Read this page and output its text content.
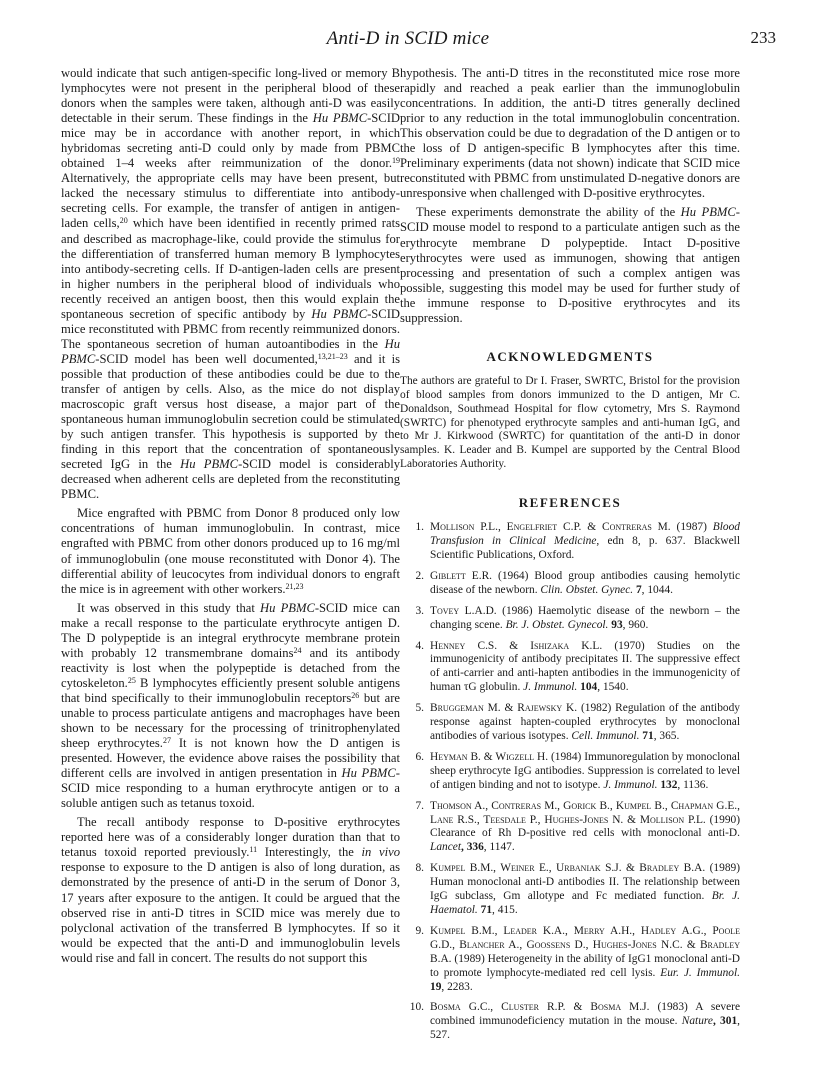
Anti-D in SCID mice	233

would indicate that such antigen-specific long-lived or memory B lymphocytes were not present in the peripheral blood of these donors when the samples were taken, although anti-D was easily detectable in their serum. These findings in the Hu PBMC-SCID mice may be in accordance with another report, in which hybridomas secreting anti-D could only by made from PBMC obtained 1–4 weeks after reimmunization of the donor.$^{19}$ Alternatively, the appropriate cells may have been present, but lacked the necessary stimulus to differentiate into antibody-secreting cells. For example, the transfer of antigen in antigen-laden cells,$^{20}$ which have been identified in recently primed rats and described as macrophage-like, could provide the stimulus for the differentiation of transferred human memory B lymphocytes into antibody-secreting cells. If D-antigen-laden cells are present in higher numbers in the peripheral blood of individuals who recently received an antigen boost, then this would explain the spontaneous secretion of specific antibody by Hu PBMC-SCID mice reconstituted with PBMC from recently reimmunized donors. The spontaneous secretion of human autoantibodies in the Hu PBMC-SCID model has been well documented,$^{13,21-23}$ and it is possible that production of these antibodies could be due to the transfer of antigen by cells. Also, as the mice do not display macroscopic graft versus host disease, a major part of the spontaneous human immunoglobulin secretion could be stimulated by such antigen transfer. This hypothesis is supported by the finding in this report that the concentration of spontaneously secreted IgG in the Hu PBMC-SCID model is considerably decreased when adherent cells are depleted from the reconstituting PBMC.

Mice engrafted with PBMC from Donor 8 produced only low concentrations of human immunoglobulin. In contrast, mice engrafted with PBMC from other donors produced up to 16 mg/ml of immunoglobulin (one mouse reconstituted with Donor 4). The differential ability of leucocytes from individual donors to engraft the mice is in agreement with other workers.$^{21,23}$

It was observed in this study that Hu PBMC-SCID mice can make a recall response to the particulate erythrocyte antigen D. The D polypeptide is an integral erythrocyte membrane protein with probably 12 transmembrane domains$^{24}$ and its antibody reactivity is lost when the polypeptide is detached from the cytoskeleton.$^{25}$ B lymphocytes efficiently present soluble antigens that bind specifically to their immunoglobulin receptors$^{26}$ but are unable to process particulate antigens and macrophages have been shown to be necessary for the processing of trinitrophenylated sheep erythrocytes.$^{27}$ It is not known how the D antigen is presented. However, the evidence above raises the possibility that different cells are involved in antigen presentation in Hu PBMC-SCID mice responding to a human erythrocyte antigen or to a soluble antigen such as tetanus toxoid.

The recall antibody response to D-positive erythrocytes reported here was of a considerably longer duration than that to tetanus toxoid reported previously.$^{11}$ Interestingly, the in vivo response to exposure to the D antigen is also of long duration, as demonstrated by the presence of anti-D in the serum of Donor 3, 17 years after exposure to the antigen. It could be argued that the observed rise in anti-D titres in SCID mice was merely due to polyclonal activation of the transferred B lymphocytes. If so it would be expected that the anti-D and immunoglobulin levels would rise and fall in concert. The results do not support this

hypothesis. The anti-D titres in the reconstituted mice rose more rapidly and reached a peak earlier than the immunoglobulin concentrations. In addition, the anti-D titres generally declined prior to any reduction in the total immunoglobulin concentration. This observation could be due to degradation of the D antigen or to the loss of D antigen-specific B lymphocytes after this time. Preliminary experiments (data not shown) indicate that SCID mice reconstituted with PBMC from unstimulated D-negative donors are unresponsive when challenged with D-positive erythrocytes.

These experiments demonstrate the ability of the Hu PBMC-SCID mouse model to respond to a particulate antigen such as the erythrocyte membrane D polypeptide. Intact D-positive erythrocytes were used as immunogen, showing that antigen processing and presentation of such a complex antigen was possible, suggesting this model may be used for further study of the immune response to D-positive erythrocytes and its suppression.

ACKNOWLEDGMENTS

The authors are grateful to Dr I. Fraser, SWRTC, Bristol for the provision of blood samples from donors immunized to the D antigen, Mr C. Donaldson, Southmead Hospital for flow cytometry, Mrs S. Raymond (SWRTC) for phenotyped erythrocyte samples and anti-human IgG, and to Mr J. Kirkwood (SWRTC) for quantitation of the anti-D in donor samples. K. Leader and B. Kumpel are supported by the Central Blood Laboratories Authority.

REFERENCES
1. Mollison P.L., Engelfriet C.P. & Contreras M. (1987) Blood Transfusion in Clinical Medicine, edn 8, p. 637. Blackwell Scientific Publications, Oxford.
2. Giblett E.R. (1964) Blood group antibodies causing hemolytic disease of the newborn. Clin. Obstet. Gynec. 7, 1044.
3. Tovey L.A.D. (1986) Haemolytic disease of the newborn – the changing scene. Br. J. Obstet. Gynecol. 93, 960.
4. Henney C.S. & Ishizaka K.L. (1970) Studies on the immunogenicity of antibody precipitates II. The suppressive effect of anti-carrier and anti-hapten antibodies in the immunogenicity of human τG globulin. J. Immunol. 104, 1540.
5. Bruggeman M. & Rajewsky K. (1982) Regulation of the antibody response against hapten-coupled erythrocytes by monoclonal antibodies of various isotypes. Cell. Immunol. 71, 365.
6. Heyman B. & Wigzell H. (1984) Immunoregulation by monoclonal sheep erythrocyte IgG antibodies. Suppression is correlated to level of antigen binding and not to isotype. J. Immunol. 132, 1136.
7. Thomson A., Contreras M., Gorick B., Kumpel B., Chapman G.E., Lane R.S., Teesdale P., Hughes-Jones N. & Mollison P.L. (1990) Clearance of Rh D-positive red cells with monoclonal anti-D. Lancet, 336, 1147.
8. Kumpel B.M., Weiner E., Urbaniak S.J. & Bradley B.A. (1989) Human monoclonal anti-D antibodies II. The relationship between IgG subclass, Gm allotype and Fc mediated function. Br. J. Haematol. 71, 415.
9. Kumpel B.M., Leader K.A., Merry A.H., Hadley A.G., Poole G.D., Blancher A., Goossens D., Hughes-Jones N.C. & Bradley B.A. (1989) Heterogeneity in the ability of IgG1 monoclonal anti-D to promote lymphocyte-mediated red cell lysis. Eur. J. Immunol. 19, 2283.
10. Bosma G.C., Cluster R.P. & Bosma M.J. (1983) A severe combined immunodeficiency mutation in the mouse. Nature, 301, 527.
